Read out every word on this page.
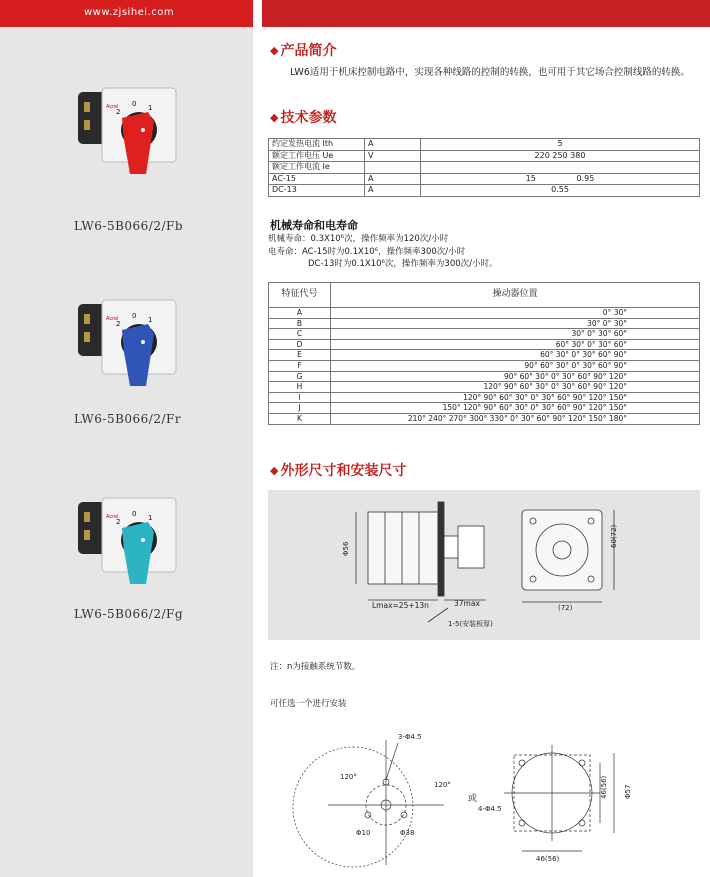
www.zjsihei.com
Acrel 0 1
2
LW6-5B066/2/Fb
Acrel 0 1
2
LW6-5B066/2/Fr
Acrel 0 1
2
LW6-5B066/2/Fg
◆ 产品简介
LW6适用于机床控制电路中，实现各种线路的控制的转换，也可用于其它场合控制线路的转换。
◆ 技术参数
约定发热电流 Ith	A	5
额定工作电压 Ue	V	220 250 380
额定工作电流 Ie		
AC-15	A	15                0.95
DC-13	A	0.55
机械寿命和电寿命
机械寿命：0.3X10⁶次，操作频率为120次/小时
电寿命：AC-15时为0.1X10⁶，操作频率300次/小时
DC-13时为0.1X10⁶次，操作频率为300次/小时。
特征代号	操动器位置
A	0° 30°
B	30° 0° 30°
C	30° 0° 30° 60°
D	60° 30° 0° 30° 60°
E	60° 30° 0° 30° 60° 90°
F	90° 60° 30° 0° 30° 60° 90°
G	90° 60° 30° 0° 30° 60° 90° 120°
H	120° 90° 60° 30° 0° 30° 60° 90° 120°
I	120° 90° 60° 30° 0° 30° 60° 90° 120° 150°
J	150° 120° 90° 60° 30° 0° 30° 60° 90° 120° 150°
K	210° 240° 270° 300° 330° 0° 30° 60° 90° 120° 150° 180°
◆ 外形尺寸和安装尺寸
Φ56
Lmax=25+13n	37max
1-5(安装板厚)
(72)
60(72)
注：n为接触系统节数。
可任选一个进行安装
3-Φ4.5
120°
120°
Φ10	Φ38
或
4-Φ4.5
46(56) Φ57
46(56)
